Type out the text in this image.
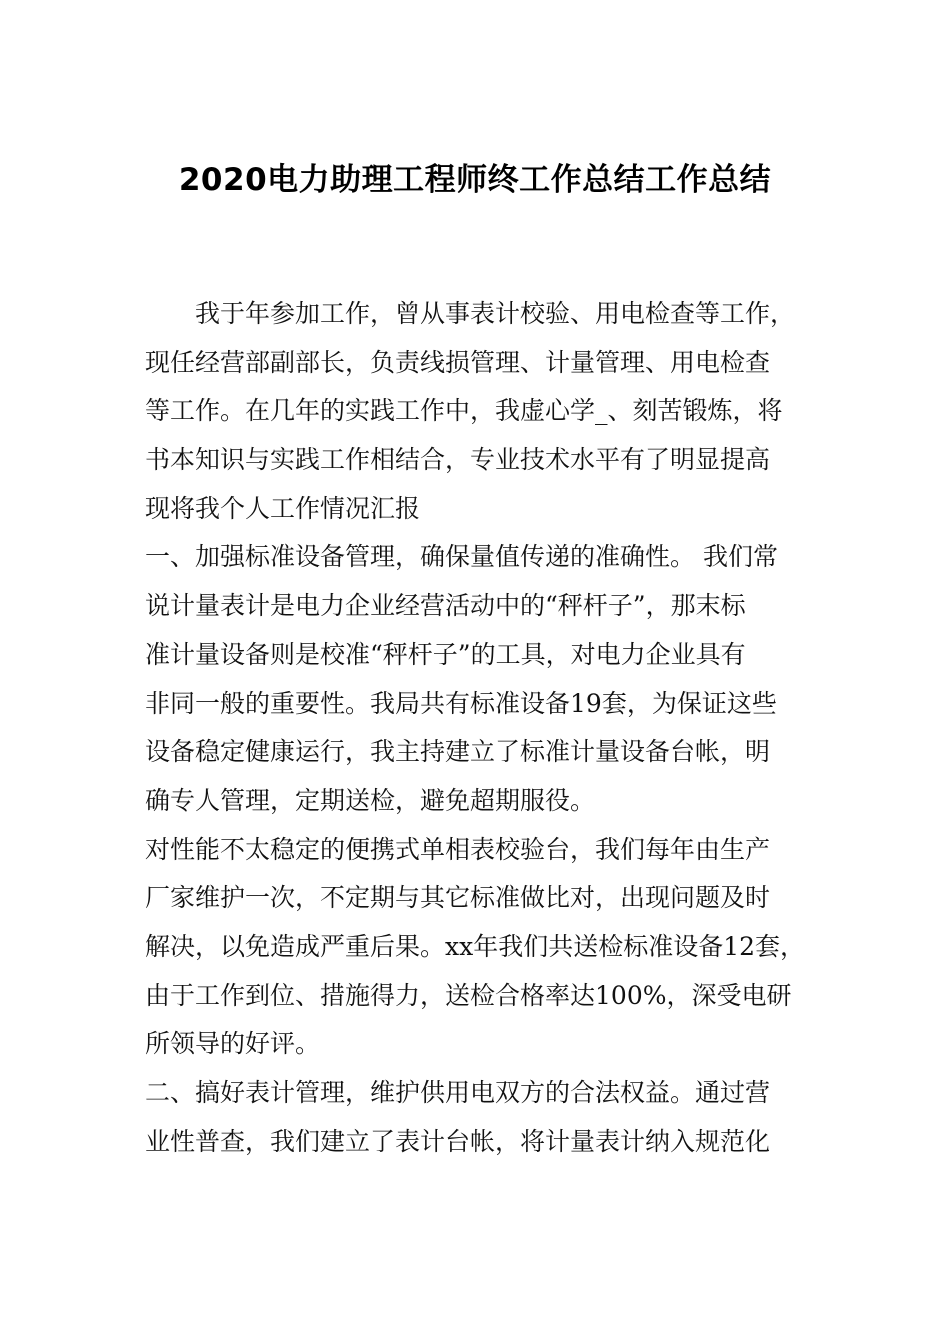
2020电力助理工程师终工作总结工作总结
　　我于年参加工作，曾从事表计校验、用电检查等工作，
现任经营部副部长，负责线损管理、计量管理、用电检查
等工作。在几年的实践工作中，我虚心学_、刻苦锻炼，将
书本知识与实践工作相结合，专业技术水平有了明显提高
现将我个人工作情况汇报
一、加强标准设备管理，确保量值传递的准确性。 我们常
说计量表计是电力企业经营活动中的“秤杆子”，那末标
准计量设备则是校准“秤杆子”的工具，对电力企业具有
非同一般的重要性。我局共有标准设备19套，为保证这些
设备稳定健康运行，我主持建立了标准计量设备台帐，明
确专人管理，定期送检，避免超期服役。
对性能不太稳定的便携式单相表校验台，我们每年由生产
厂家维护一次，不定期与其它标准做比对，出现问题及时
解决，以免造成严重后果。xx年我们共送检标准设备12套，
由于工作到位、措施得力，送检合格率达100%，深受电研
所领导的好评。
二、搞好表计管理，维护供用电双方的合法权益。通过营
业性普查，我们建立了表计台帐，将计量表计纳入规范化
